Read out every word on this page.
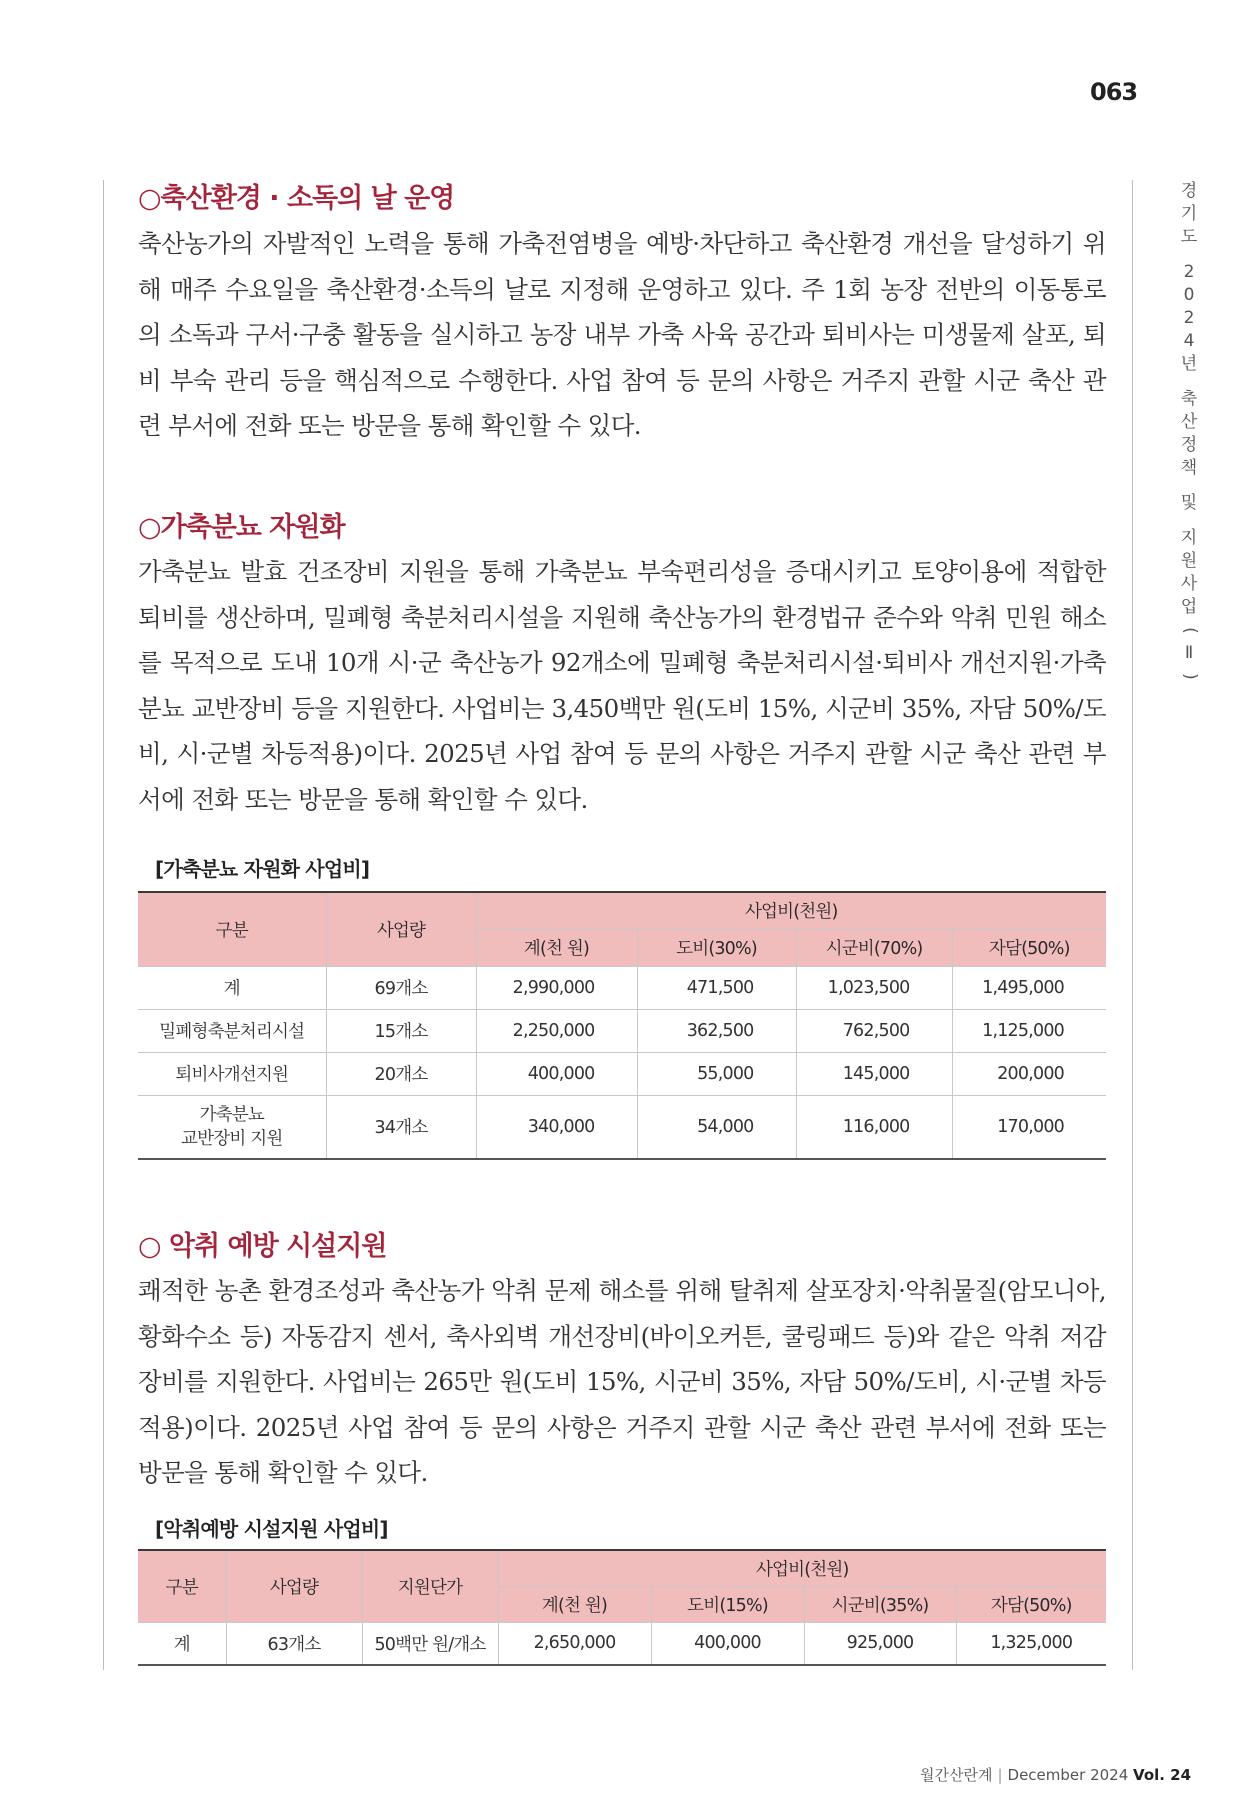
063
경
기
도
2
0
2
4
년
축
산
정
책
및
지
원
사
업
(
Ⅱ
)
○축산환경 · 소독의 날 운영

축산농가의 자발적인 노력을 통해 가축전염병을 예방·차단하고 축산환경 개선을 달성하기 위해 매주 수요일을 축산환경·소득의 날로 지정해 운영하고 있다. 주 1회 농장 전반의 이동통로의 소독과 구서·구충 활동을 실시하고 농장 내부 가축 사육 공간과 퇴비사는 미생물제 살포, 퇴비 부숙 관리 등을 핵심적으로 수행한다. 사업 참여 등 문의 사항은 거주지 관할 시군 축산 관련 부서에 전화 또는 방문을 통해 확인할 수 있다.

○가축분뇨 자원화

가축분뇨 발효 건조장비 지원을 통해 가축분뇨 부숙편리성을 증대시키고 토양이용에 적합한 퇴비를 생산하며, 밀폐형 축분처리시설을 지원해 축산농가의 환경법규 준수와 악취 민원 해소를 목적으로 도내 10개 시·군 축산농가 92개소에 밀폐형 축분처리시설·퇴비사 개선지원·가축분뇨 교반장비 등을 지원한다. 사업비는 3,450백만 원(도비 15%, 시군비 35%, 자담 50%/도비, 시·군별 차등적용)이다. 2025년 사업 참여 등 문의 사항은 거주지 관할 시군 축산 관련 부서에 전화 또는 방문을 통해 확인할 수 있다.

[가축분뇨 자원화 사업비]
구분	사업량	사업비(천원)			
		계(천 원)	도비(30%)	시군비(70%)	자담(50%)
계	69개소	2,990,000	471,500	1,023,500	1,495,000
밀폐형축분처리시설	15개소	2,250,000	362,500	762,500	1,125,000
퇴비사개선지원	20개소	400,000	55,000	145,000	200,000

가축분뇨
교반장비 지원	34개소	340,000	54,000	116,000	170,000
○ 악취 예방 시설지원

쾌적한 농촌 환경조성과 축산농가 악취 문제 해소를 위해 탈취제 살포장치·악취물질(암모니아, 황화수소 등) 자동감지 센서, 축사외벽 개선장비(바이오커튼, 쿨링패드 등)와 같은 악취 저감 장비를 지원한다. 사업비는 265만 원(도비 15%, 시군비 35%, 자담 50%/도비, 시·군별 차등적용)이다. 2025년 사업 참여 등 문의 사항은 거주지 관할 시군 축산 관련 부서에 전화 또는 방문을 통해 확인할 수 있다.

[악취예방 시설지원 사업비]
구분	사업량	지원단가	사업비(천원)			
			계(천 원)	도비(15%)	시군비(35%)	자담(50%)
계	63개소	50백만 원/개소	2,650,000	400,000	925,000	1,325,000
월간산란계 | December 2024 Vol. 24
